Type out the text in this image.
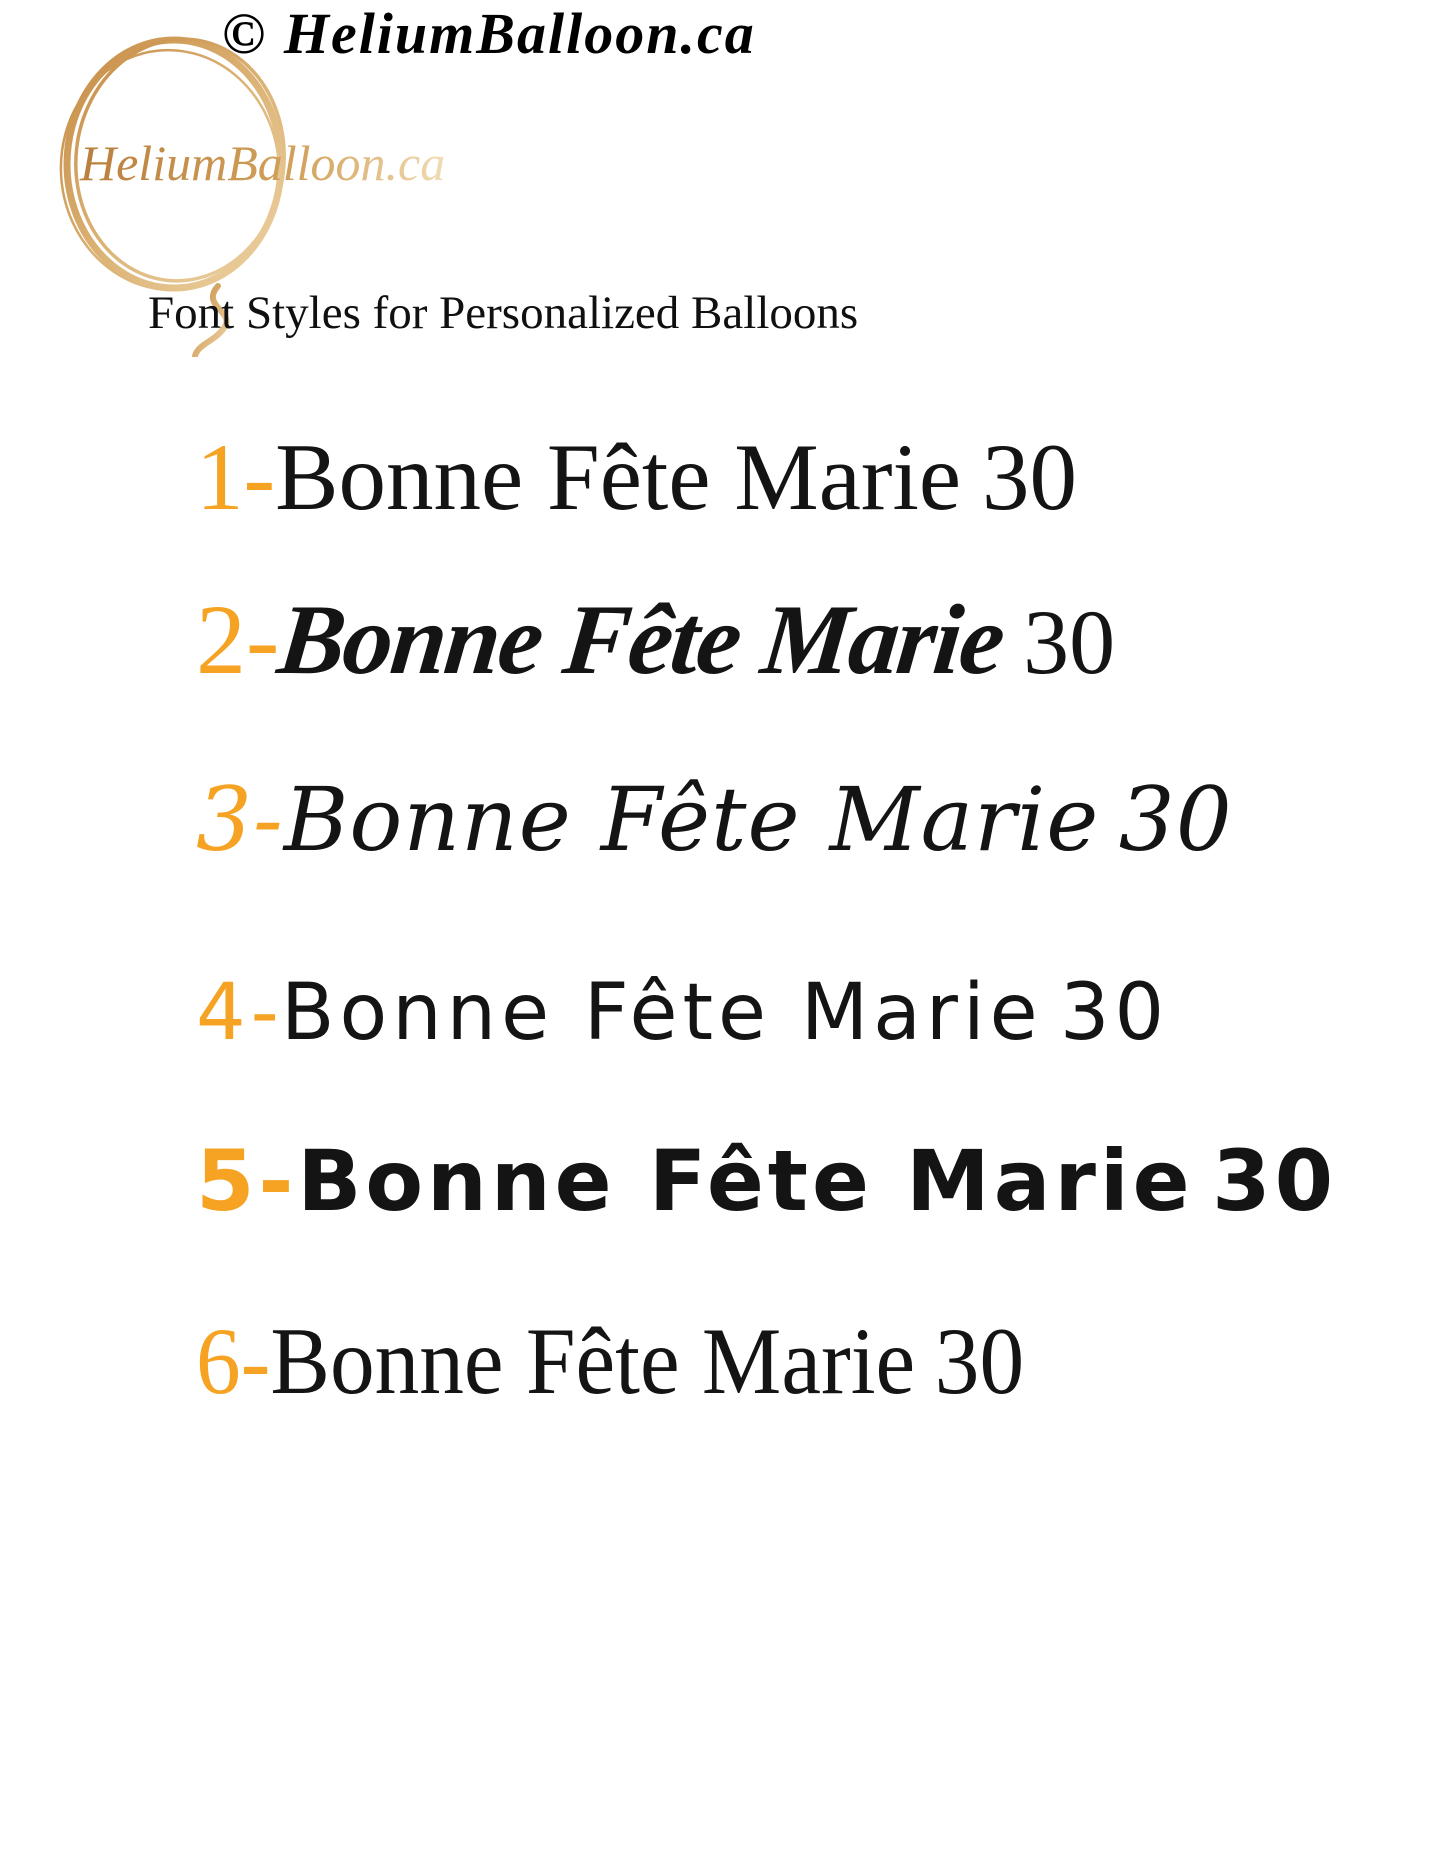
HeliumBalloon.ca
© HeliumBalloon.ca
Font Styles for Personalized Balloons
1-Bonne Fête Marie 30
2-Bonne Fête Marie 30
3-Bonne Fête Marie 30
4-Bonne Fête Marie 30
5-Bonne Fête Marie 30
6-Bonne Fête Marie 30
